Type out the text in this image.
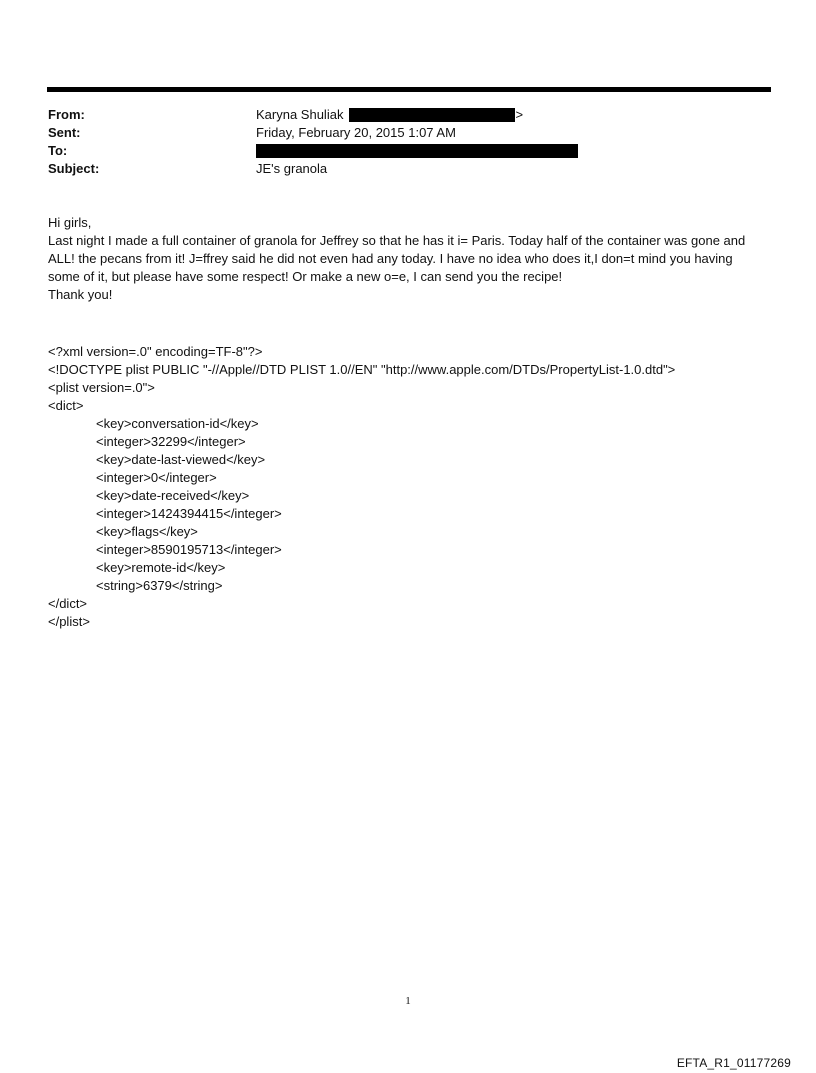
From:	Karyna Shuliak	>
Sent:	Friday, February 20, 2015 1:07 AM
To:
Subject:	JE's granola

Hi girls,

Last night I made a full container of granola for Jeffrey so that he has it i= Paris. Today half of the container was gone and ALL! the pecans from it! J=ffrey said he did not even had any today. I have no idea who does it,I don=t mind you having some of it, but please have some respect! Or make a new o=e, I can send you the recipe!

Thank you!

<?xml version=.0" encoding=TF-8"?>
<!DOCTYPE plist PUBLIC "-//Apple//DTD PLIST 1.0//EN" "http://www.apple.com/DTDs/PropertyList-1.0.dtd">
<plist version=.0">
<dict>
<key>conversation-id</key>
<integer>32299</integer>
<key>date-last-viewed</key>
<integer>0</integer>
<key>date-received</key>
<integer>1424394415</integer>
<key>flags</key>
<integer>8590195713</integer>
<key>remote-id</key>
<string>6379</string>
</dict>
</plist>
1
EFTA_R1_01177269
